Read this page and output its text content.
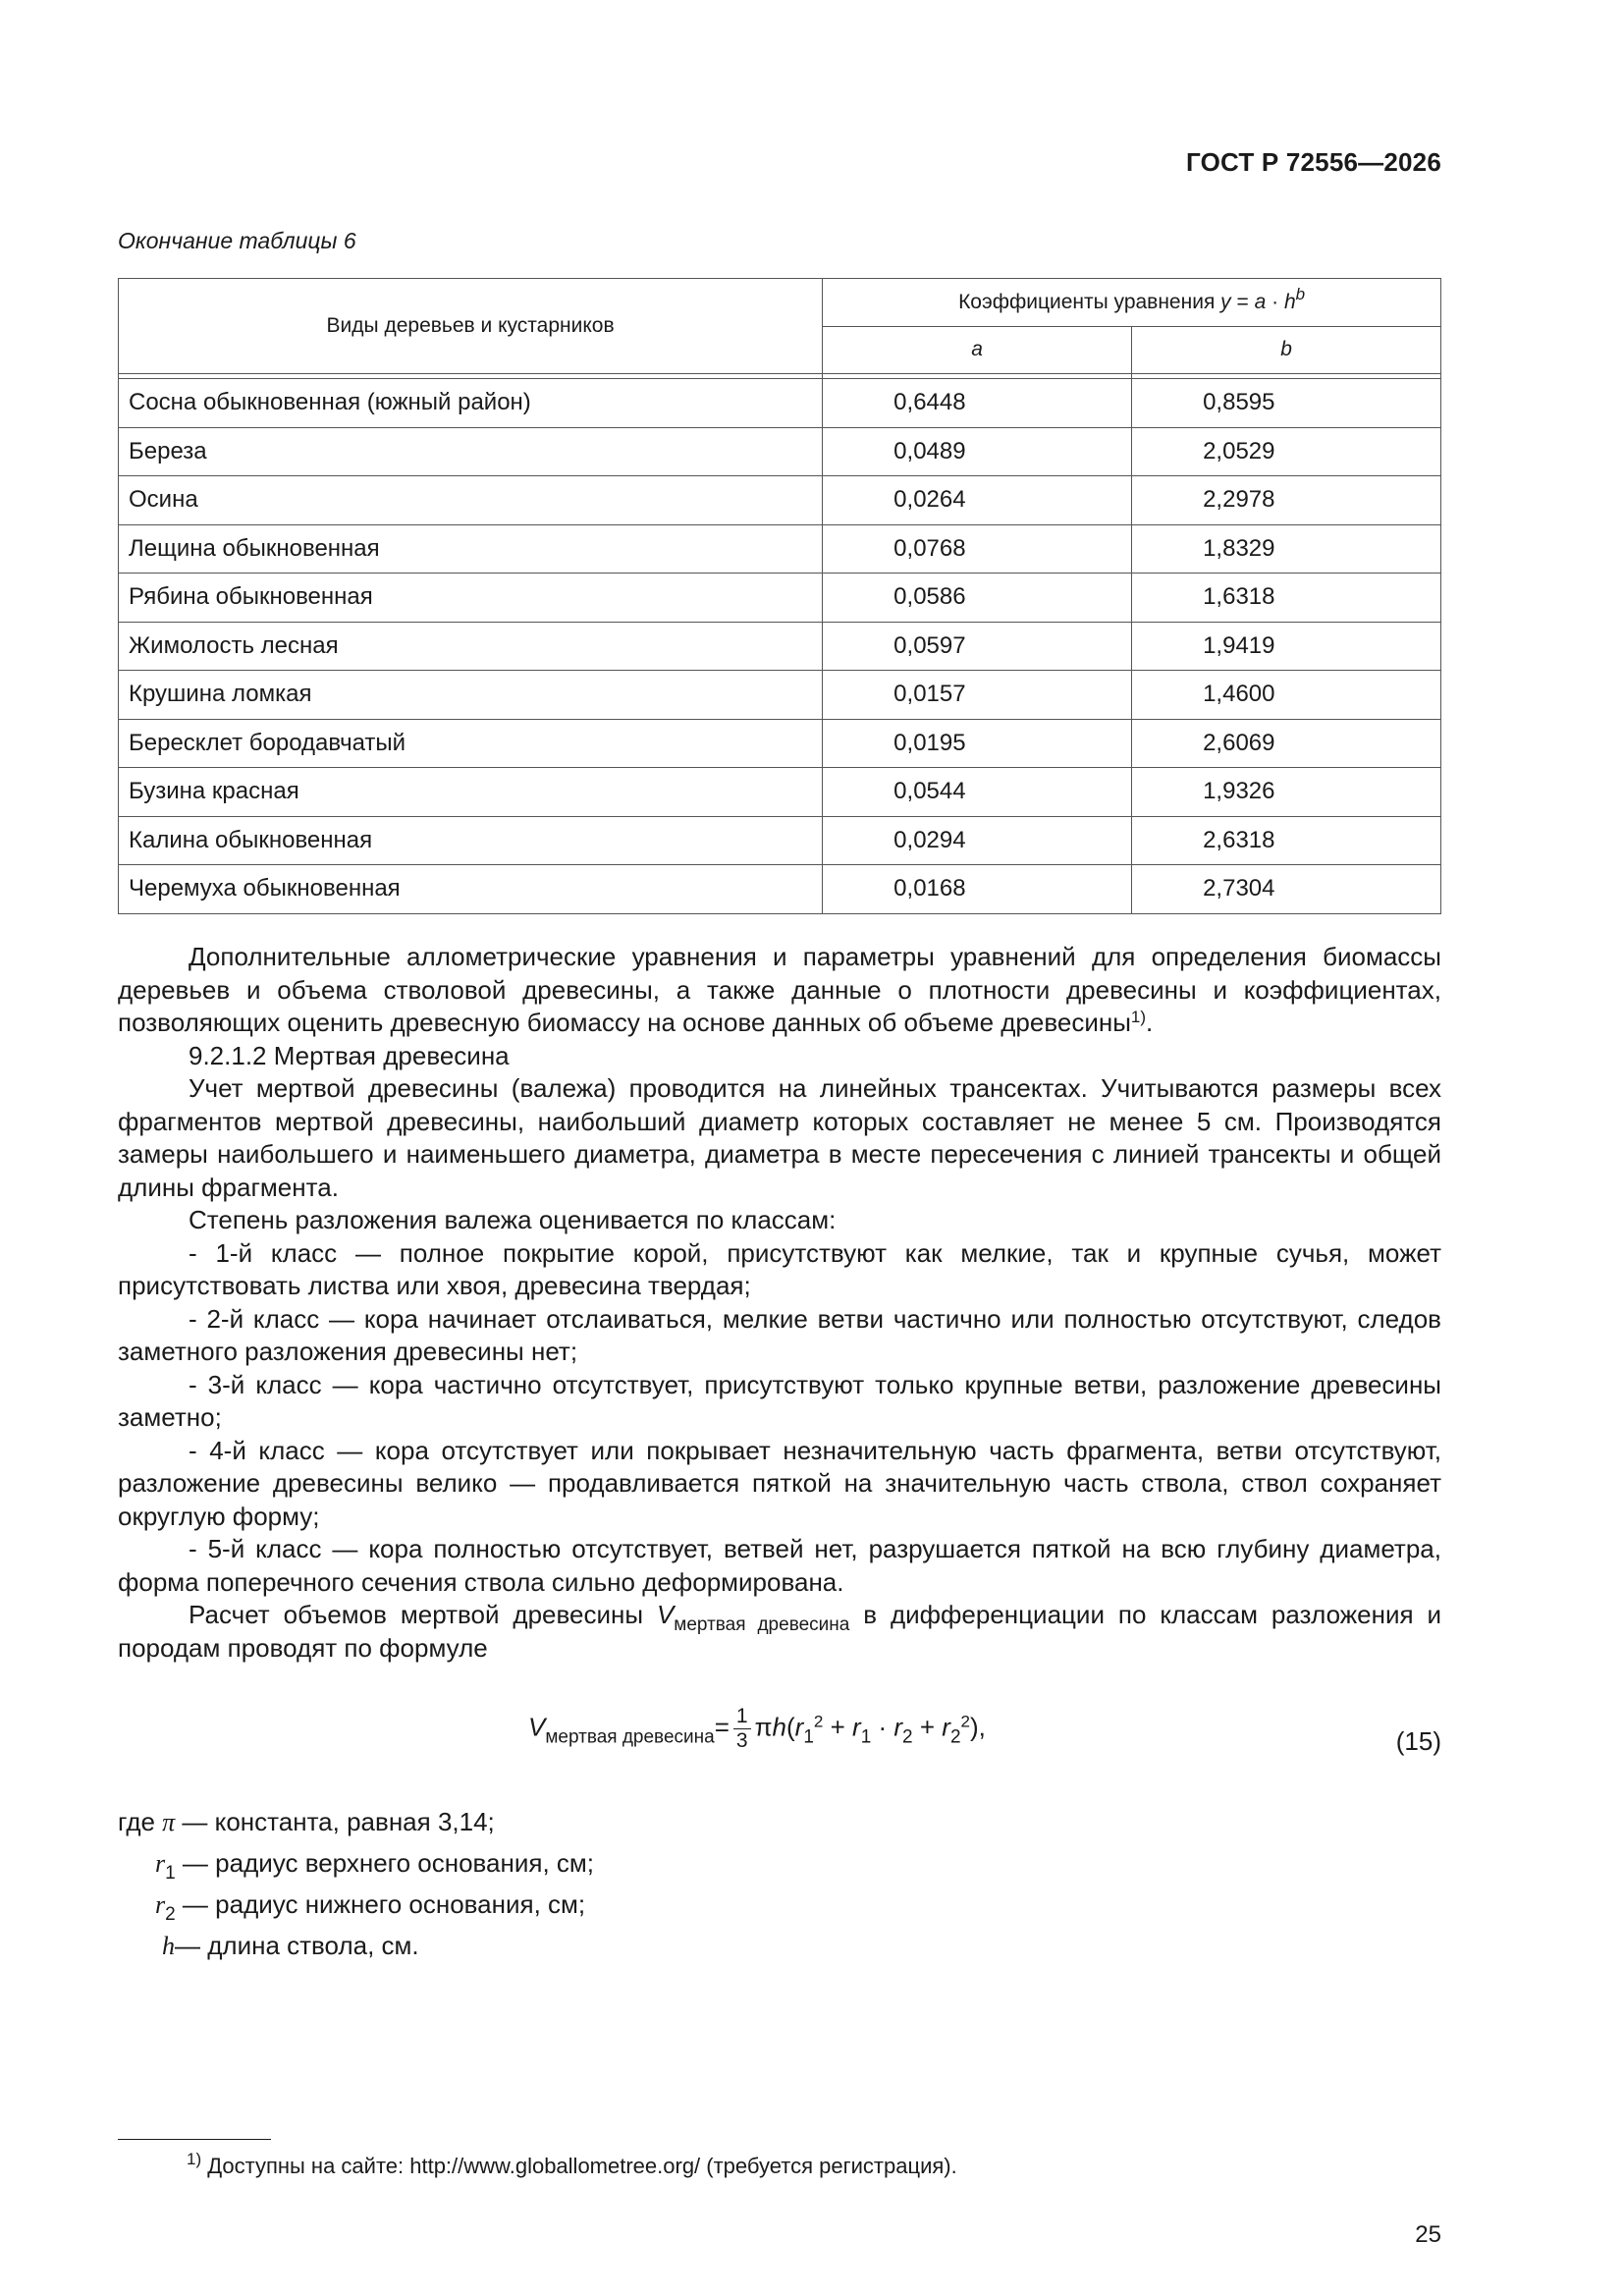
ГОСТ Р 72556—2026
Окончание таблицы 6
Виды деревьев и кустарников	Коэффициенты уравнения $y = a \cdot h^b$
	a	b

Сосна обыкновенная (южный район)	0,6448	0,8595
Береза	0,0489	2,0529
Осина	0,0264	2,2978
Лещина обыкновенная	0,0768	1,8329
Рябина обыкновенная	0,0586	1,6318
Жимолость лесная	0,0597	1,9419
Крушина ломкая	0,0157	1,4600
Бересклет бородавчатый	0,0195	2,6069
Бузина красная	0,0544	1,9326
Калина обыкновенная	0,0294	2,6318
Черемуха обыкновенная	0,0168	2,7304

Дополнительные аллометрические уравнения и параметры уравнений для определения биомассы деревьев и объема стволовой древесины, а также данные о плотности древесины и коэффициентах, позволяющих оценить древесную биомассу на основе данных об объеме древесины$^{1)}$.

9.2.1.2 Мертвая древесина

Учет мертвой древесины (валежа) проводится на линейных трансектах. Учитываются размеры всех фрагментов мертвой древесины, наибольший диаметр которых составляет не менее 5 см. Производятся замеры наибольшего и наименьшего диаметра, диаметра в месте пересечения с линией трансекты и общей длины фрагмента.

Степень разложения валежа оценивается по классам:

- 1-й класс — полное покрытие корой, присутствуют как мелкие, так и крупные сучья, может присутствовать листва или хвоя, древесина твердая;

- 2-й класс — кора начинает отслаиваться, мелкие ветви частично или полностью отсутствуют, следов заметного разложения древесины нет;

- 3-й класс — кора частично отсутствует, присутствуют только крупные ветви, разложение древесины заметно;

- 4-й класс — кора отсутствует или покрывает незначительную часть фрагмента, ветви отсутствуют, разложение древесины велико — продавливается пяткой на значительную часть ствола, ствол сохраняет округлую форму;

- 5-й класс — кора полностью отсутствует, ветвей нет, разрушается пяткой на всю глубину диаметра, форма поперечного сечения ствола сильно деформирована.

Расчет объемов мертвой древесины $V_{мертвая древесина}$ в дифференциации по классам разложения и породам проводят по формуле

$V_{мертвая древесина}= \frac{1}{3} \pi h(r_1^2 + r_1 \cdot r_2 + r_2^2)$,	(15)
где π — константа, равная 3,14;
$r_1$ — радиус верхнего основания, см;
$r_2$ — радиус нижнего основания, см;
h— длина ствола, см.
$^{1)}$ Доступны на сайте: http://www.globallometree.org/ (требуется регистрация).
25
